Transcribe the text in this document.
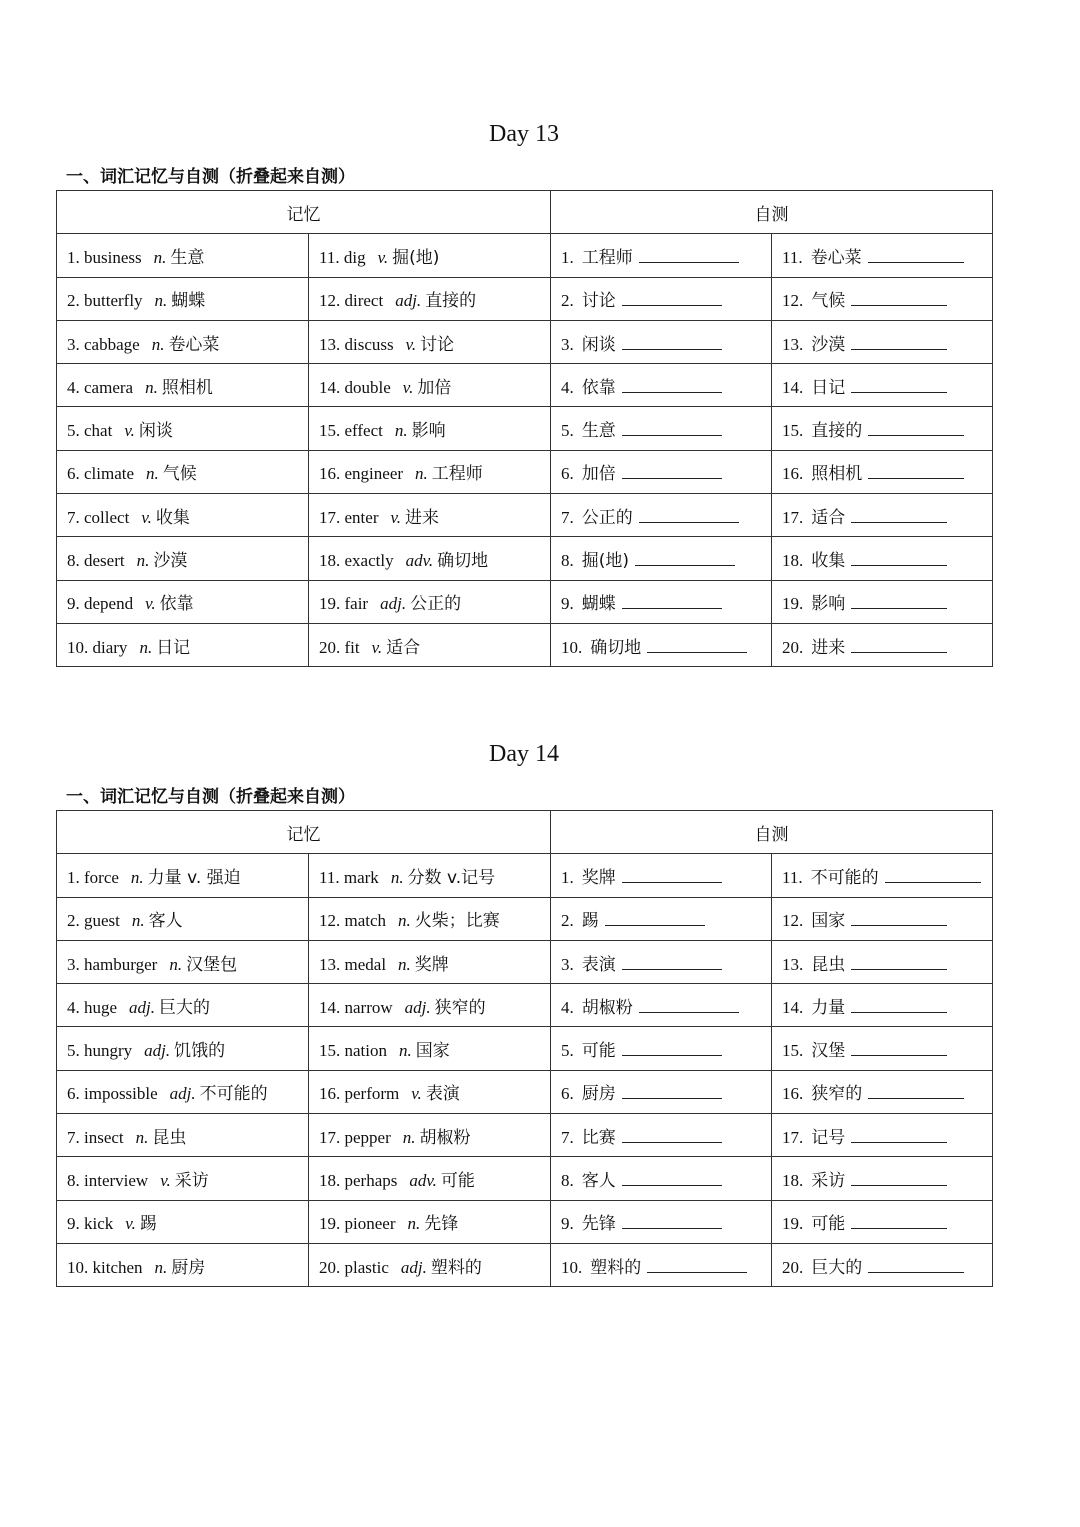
Day 13
一、词汇记忆与自测（折叠起来自测）
记忆		自测	
1. business n. 生意	11. dig v. 掘(地)	1. 工程师	11. 卷心菜
2. butterfly n. 蝴蝶	12. direct adj. 直接的	2. 讨论	12. 气候
3. cabbage n. 卷心菜	13. discuss v. 讨论	3. 闲谈	13. 沙漠
4. camera n. 照相机	14. double v. 加倍	4. 依靠	14. 日记
5. chat v. 闲谈	15. effect n. 影响	5. 生意	15. 直接的
6. climate n. 气候	16. engineer n. 工程师	6. 加倍	16. 照相机
7. collect v. 收集	17. enter v. 进来	7. 公正的	17. 适合
8. desert n. 沙漠	18. exactly adv. 确切地	8. 掘(地)	18. 收集
9. depend v. 依靠	19. fair adj. 公正的	9. 蝴蝶	19. 影响
10. diary n. 日记	20. fit v. 适合	10. 确切地	20. 进来
Day 14
一、词汇记忆与自测（折叠起来自测）
记忆		自测	
1. force n. 力量 v. 强迫	11. mark n. 分数 v.记号	1. 奖牌	11. 不可能的
2. guest n. 客人	12. match n. 火柴；比赛	2. 踢	12. 国家
3. hamburger n. 汉堡包	13. medal n. 奖牌	3. 表演	13. 昆虫
4. huge adj. 巨大的	14. narrow adj. 狭窄的	4. 胡椒粉	14. 力量
5. hungry adj. 饥饿的	15. nation n. 国家	5. 可能	15. 汉堡
6. impossible adj. 不可能的	16. perform v. 表演	6. 厨房	16. 狭窄的
7. insect n. 昆虫	17. pepper n. 胡椒粉	7. 比赛	17. 记号
8. interview v. 采访	18. perhaps adv. 可能	8. 客人	18. 采访
9. kick v. 踢	19. pioneer n. 先锋	9. 先锋	19. 可能
10. kitchen n. 厨房	20. plastic adj. 塑料的	10. 塑料的	20. 巨大的
